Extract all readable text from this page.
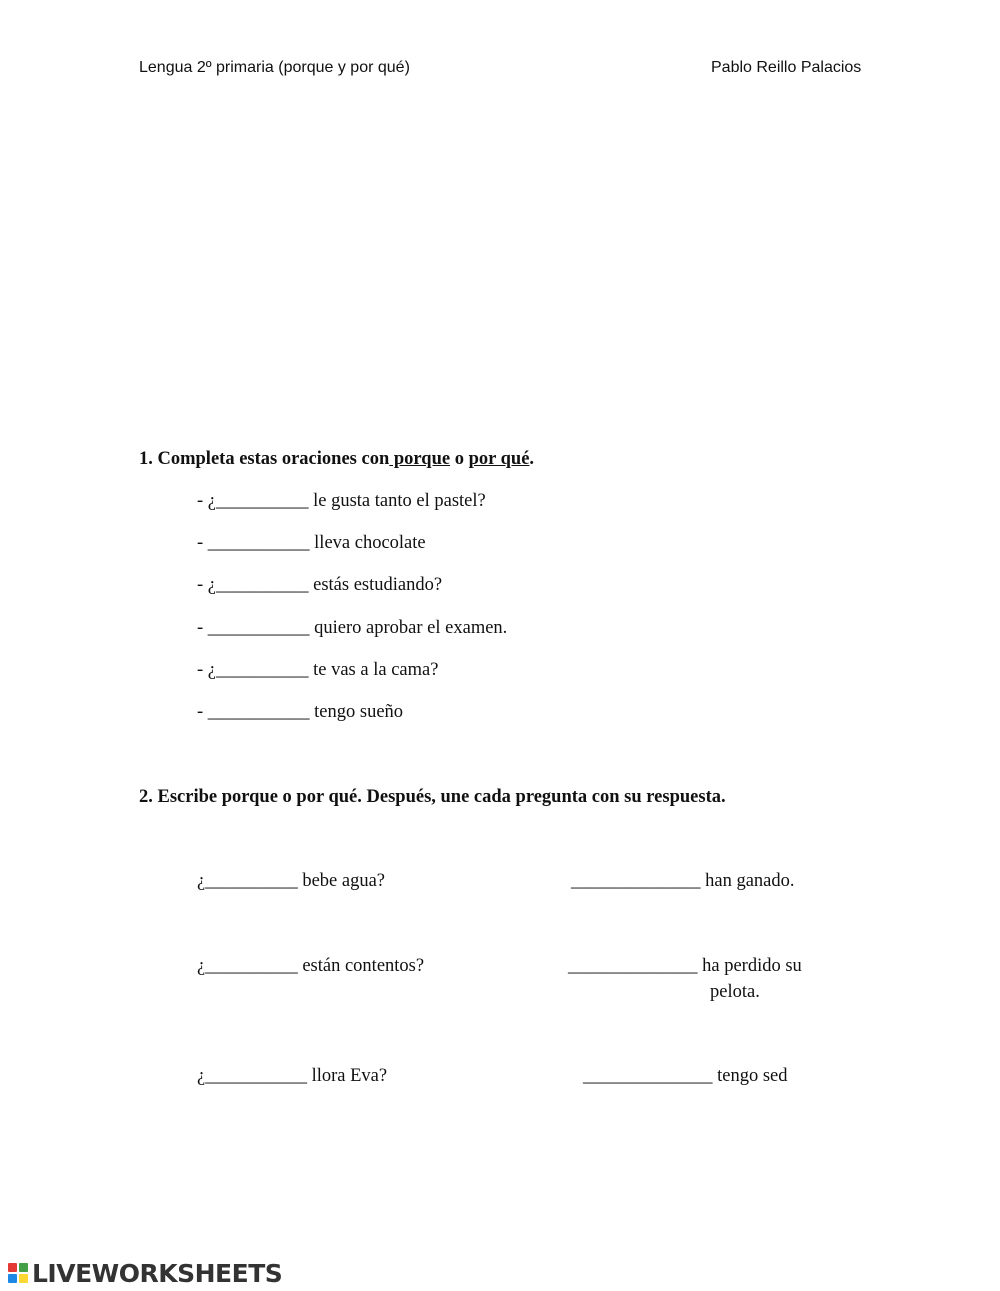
Lengua 2º primaria (porque y por qué)	Pablo Reillo Palacios
1. Completa estas oraciones con porque o por qué.
- ¿__________ le gusta tanto el pastel?
- ___________ lleva chocolate
- ¿__________ estás estudiando?
- ___________ quiero aprobar el examen.
- ¿__________ te vas a la cama?
- ___________ tengo sueño
2. Escribe porque o por qué. Después, une cada pregunta con su respuesta.
¿__________ bebe agua?	______________ han ganado.
¿__________ están contentos?	______________ ha perdido su
pelota.
¿___________ llora Eva?	______________ tengo sed
LIVEWORKSHEETS
